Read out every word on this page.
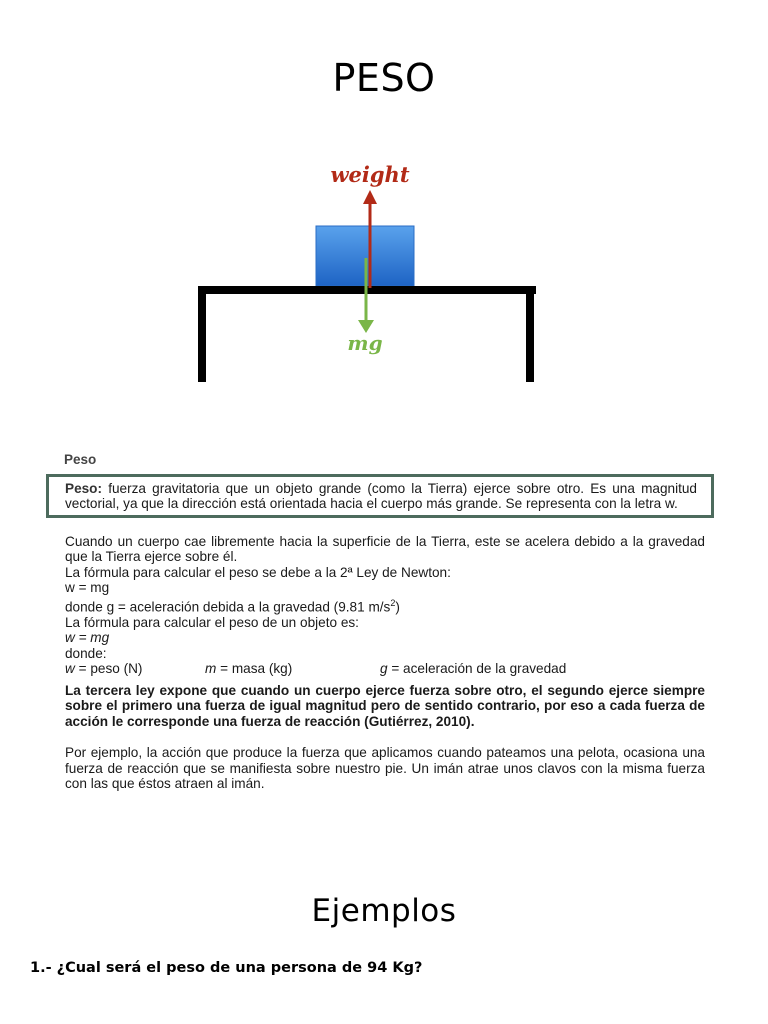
PESO
weight
mg
Peso
Peso: fuerza gravitatoria que un objeto grande (como la Tierra) ejerce sobre otro. Es una magnitud vectorial, ya que la dirección está orientada hacia el cuerpo más grande. Se representa con la letra w.

Cuando un cuerpo cae libremente hacia la superficie de la Tierra, este se acelera debido a la gravedad que la Tierra ejerce sobre él.

La fórmula para calcular el peso se debe a la 2ª Ley de Newton:
w = mg
donde g = aceleración debida a la gravedad (9.81 $m/s^2$)
La fórmula para calcular el peso de un objeto es:
w = mg
donde:
w = peso (N)	m = masa (kg)	g = aceleración de la gravedad

La tercera ley expone que cuando un cuerpo ejerce fuerza sobre otro, el segundo ejerce siempre sobre el primero una fuerza de igual magnitud pero de sentido contrario, por eso a cada fuerza de acción le corresponde una fuerza de reacción (Gutiérrez, 2010).

Por ejemplo, la acción que produce la fuerza que aplicamos cuando pateamos una pelota, ocasiona una fuerza de reacción que se manifiesta sobre nuestro pie. Un imán atrae unos clavos con la misma fuerza con las que éstos atraen al imán.

Ejemplos
1.- ¿Cual será el peso de una persona de 94 Kg?
